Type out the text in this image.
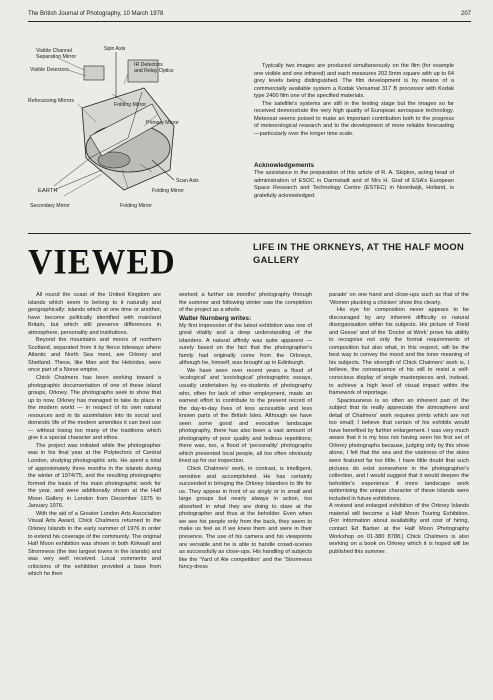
The British Journal of Photography, 10 March 1978	207
Visible Channel
Separation Mirror
Spin Axis
Visible Detectors
IR Detectors
and Relay Optics
Refocussing Mirrors
Folding Mirror
Primary Mirror
Scan Axis
EARTH	Folding Mirror
Secondary Mirror	Folding Mirror

Typically two images are produced simultaneously on the film (for example one visible and one infrared) and each measures 202.5mm square with up to 64 grey levels being distinguished. The film development is by means of a commercially available system a Kodak Versamat 317 B processor with Kodak type 2400 film one of the specified materials.

The satellite's systems are still in the testing stage but the images so far received demonstrate the very high quality of European aerospace technology. Meteosat seems poised to make an important contribution both to the progress of meteorological research and to the development of more reliable forecasting—particularly over the longer time scale.

Acknowledgements

The assistance in the preparation of this article of R. A. Skipton, acting head of administration of ESOC in Darmstadt and of Mrs H. Graf of ESA's European Space Research and Technology Centre (ESTEC) in Noordwijk, Holland, is gratefully acknowledged.

VIEWED	LIFE IN THE ORKNEYS, AT THE HALF MOON GALLERY

All round the coast of the United Kingdom are islands which seem to belong to it naturally and geographically: islands which at one time or another, have become politically identified with mainland Britain, but which still preserve differences in atmosphere, personality and institutions.

Beyond the mountains and moors of northern Scotland, separated from it by fierce tideways where Atlantic and North Sea meet, are Orkney and Shetland. These, like Man and the Hebrides, were once part of a Norse empire.

Chick Chalmers has been working toward a photographic documentation of one of these island groups, Orkney. The photographs seek to show that up to now, Orkney has managed to take its place in the modern world — in respect of its own natural resources and in its assimilation into its social and domestic life of the modern amenities it can best use — without losing too many of the traditions which give it a special character and ethos.

The project was initiated while the photographer was in his final year at the Polytechnic of Central London, studying photographic arts. He spent a total of approximately three months in the islands during the winter of 1974/75, and the resulting photographs formed the basis of his main photographic work for the year, and were additionally shown at the Half Moon Gallery in London from December 1975 to January 1976.

With the aid of a Greater London Arts Association Visual Arts Award, Chick Chalmers returned to the Orkney Islands in the early summer of 1976 in order to extend his coverage of the community. The original Half Moon exhibition was shown in both Kirkwall and Stromness (the two largest towns in the islands) and was very well received. Local comments and criticisms of the exhibition provided a base from which he then

worked; a further six months' photography through the summer and following winter saw the completion of the project as a whole.

Walter Nurnberg writes:

My first impression of the latest exhibition was one of great vitality and a deep understanding of the islanders. A natural affinity was quite apparent — surely based on the fact that the photographer's family had originally come from the Orkneys, although he, himself, was brought up in Edinburgh.

We have seen over recent years a flood of 'ecological' and 'sociological' photographic essays, usually undertaken by ex-students of photography who, often for lack of other employment, made an earnest effort to contribute to the present record of the day-to-day lives of less accessible and less known parts of the British Isles. Although we have seen some good and evocative landscape photography, there has also been a vast amount of photography of poor quality and tedious repetitions; there was, too, a flood of 'personality' photographs which presented local people, all too often obviously lined up for our inspection.

Chick Chalmers' work, in contrast, is intelligent, sensitive and accomplished. He has certainly succeeded in bringing the Orkney Islanders to life for us. They appear in front of us singly or in small and large groups but nearly always in action, too absorbed in what they are doing to stare at the photographer and thus at the beholder. Even when we see his people only from the back, they seem to make us feel as if we knew them and were in their presence. The use of his camera and his viewpoints are versatile and he is able to handle crowd-scenes as successfully as close-ups. His handling of subjects like the 'Yard of Ale competition' and the 'Stromness fancy-dress

parade' on one hand and close-ups such as that of the 'Women plucking a chicken' show this clearly.

His eye for composition never appears to be discouraged by any inherent difficulty or natural disorganisation within his subjects. His picture of 'Field and Geese' and of the 'Doctor at Work' prove his ability to recognise not only the formal requirements of composition but also what, in this respect, will be the best way to convey the mood and the inner meaning of his subjects. The strength of Chick Chalmers' work is, I believe, the consequence of his will to resist a self-conscious display of single masterpieces and, instead, to achieve a high level of visual impact within the framework of reportage.

Spaciousness is so often an inherent part of the subject that its really appreciate the atmosphere and detail of Chalmers' work requires prints which are not too small; I believe that certain of his exhibits would have benefited by further enlargement. I was very much aware that it is my loss not having seen his first set of Orkney photographs because, judging only by this show alone, I felt that the sea and the vastness of the skies were featured far too little. I have little doubt that such pictures do exist somewhere in the photographer's collection, and I would suggest that it would deepen the beholder's experience if more landscape work epitomising the unique character of these islands were included in future exhibitions.

A revised and enlarged exhibition of the Orkney Islands material will become a Half Moon Touring Exhibition. (For information about availability and cost of hiring, contact Ed Barber at the Half Moon Photography Workshop on 01-380 8788.) Chick Chalmers is also working on a book on Orkney which it is hoped will be published this summer.
